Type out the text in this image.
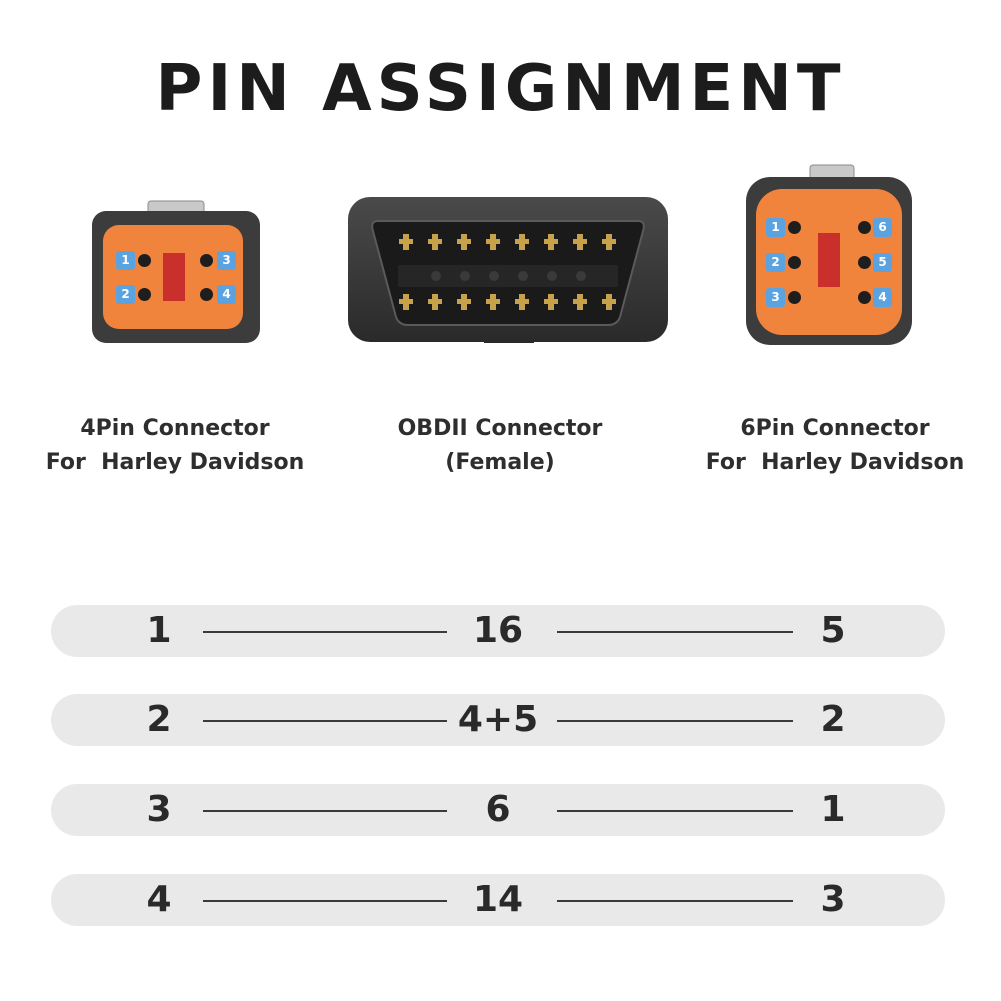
PIN ASSIGNMENT
1
2
3
4
1
2
3
6
5
4
4Pin Connector
For  Harley Davidson
OBDII Connector
(Female)
6Pin Connector
For  Harley Davidson
1	16	5
2	4+5	2
3	6	1
4	14	3
